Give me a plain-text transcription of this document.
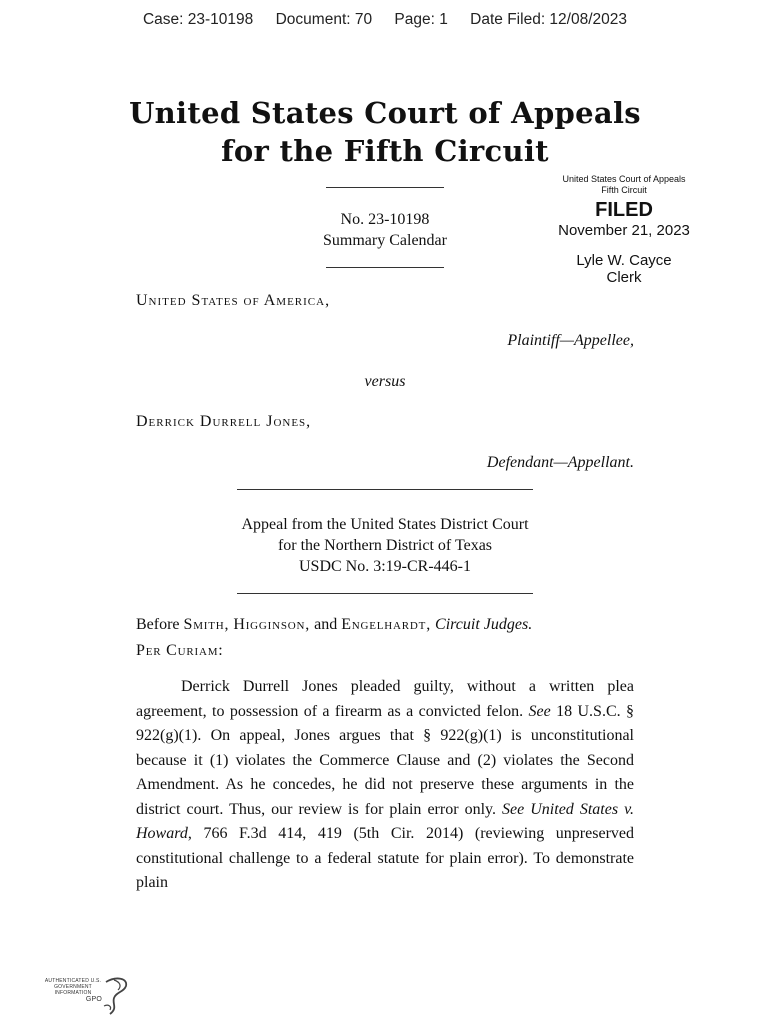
Case: 23-10198 Document: 70 Page: 1 Date Filed: 12/08/2023
United States Court of Appeals
for the Fifth Circuit
No. 23-10198
Summary Calendar
United States Court of Appeals
Fifth Circuit
FILED
November 21, 2023
Lyle W. Cayce
Clerk
United States of America,
Plaintiff—Appellee,
versus
Derrick Durrell Jones,
Defendant—Appellant.
Appeal from the United States District Court
for the Northern District of Texas
USDC No. 3:19-CR-446-1
Before Smith, Higginson, and Engelhardt, Circuit Judges.
Per Curiam:

Derrick Durrell Jones pleaded guilty, without a written plea agreement, to possession of a firearm as a convicted felon. See 18 U.S.C. § 922(g)(1). On appeal, Jones argues that § 922(g)(1) is unconstitutional because it (1) violates the Commerce Clause and (2) violates the Second Amendment. As he concedes, he did not preserve these arguments in the district court. Thus, our review is for plain error only. See United States v. Howard, 766 F.3d 414, 419 (5th Cir. 2014) (reviewing unpreserved constitutional challenge to a federal statute for plain error). To demonstrate plain

AUTHENTICATED U.S. GOVERNMENT INFORMATION
GPO
